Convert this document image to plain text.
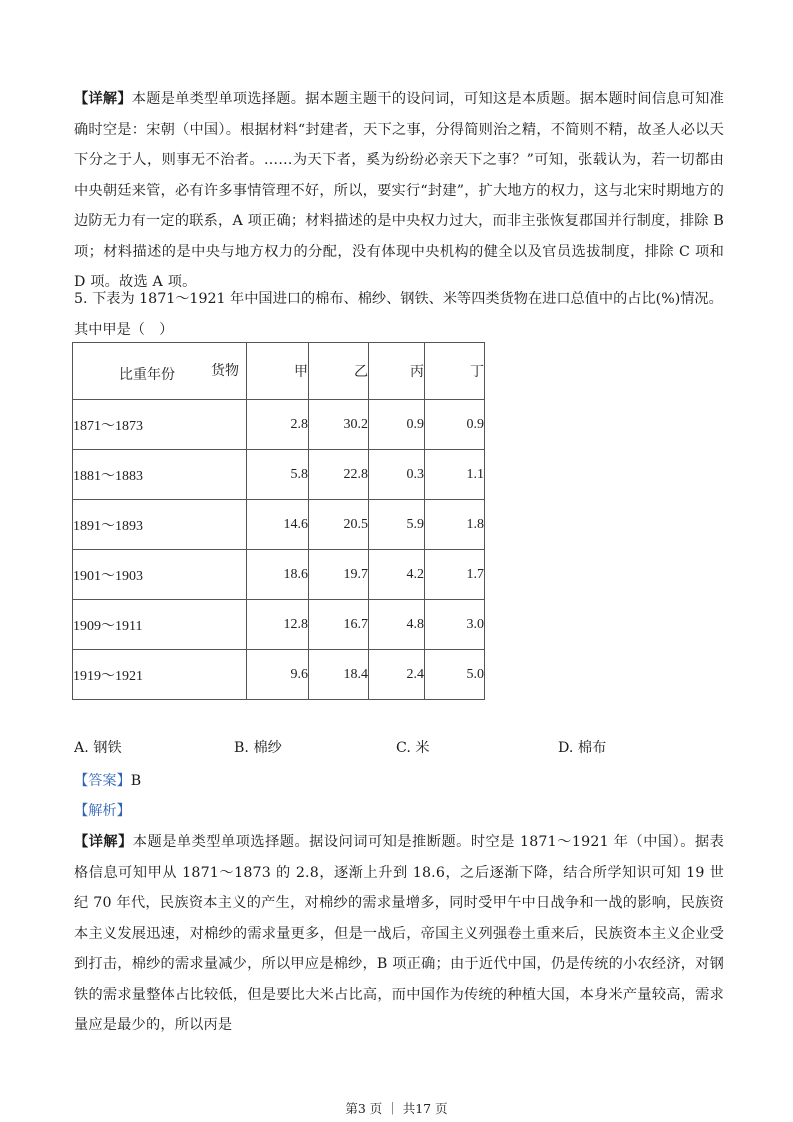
【详解】本题是单类型单项选择题。据本题主题干的设问词，可知这是本质题。据本题时间信息可知准确时空是：宋朝（中国）。根据材料“封建者，天下之事，分得简则治之精，不简则不精，故圣人必以天下分之于人，则事无不治者。……为天下者，奚为纷纷必亲天下之事？”可知，张载认为，若一切都由中央朝廷来管，必有许多事情管理不好，所以，要实行“封建”，扩大地方的权力，这与北宋时期地方的边防无力有一定的联系，A 项正确；材料描述的是中央权力过大，而非主张恢复郡国并行制度，排除 B 项；材料描述的是中央与地方权力的分配，没有体现中央机构的健全以及官员选拔制度，排除 C 项和 D 项。故选 A 项。
5. 下表为 1871～1921 年中国进口的棉布、棉纱、钢铁、米等四类货物在进口总值中的占比(%)情况。其中甲是（　）
比重年份 货物	甲	乙	丙	丁
1871～1873	2.8	30.2	0.9	0.9
1881～1883	5.8	22.8	0.3	1.1
1891～1893	14.6	20.5	5.9	1.8
1901～1903	18.6	19.7	4.2	1.7
1909～1911	12.8	16.7	4.8	3.0
1919～1921	9.6	18.4	2.4	5.0
A. 钢铁	B. 棉纱	C. 米	D. 棉布
【答案】B
【解析】
【详解】本题是单类型单项选择题。据设问词可知是推断题。时空是 1871～1921 年（中国）。据表格信息可知甲从 1871～1873 的 2.8，逐渐上升到 18.6，之后逐渐下降，结合所学知识可知 19 世纪 70 年代，民族资本主义的产生，对棉纱的需求量增多，同时受甲午中日战争和一战的影响，民族资本主义发展迅速，对棉纱的需求量更多，但是一战后，帝国主义列强卷土重来后，民族资本主义企业受到打击，棉纱的需求量减少，所以甲应是棉纱，B 项正确；由于近代中国，仍是传统的小农经济，对钢铁的需求量整体占比较低，但是要比大米占比高，而中国作为传统的种植大国，本身米产量较高，需求量应是最少的，所以丙是
第3 页 ｜ 共17 页
